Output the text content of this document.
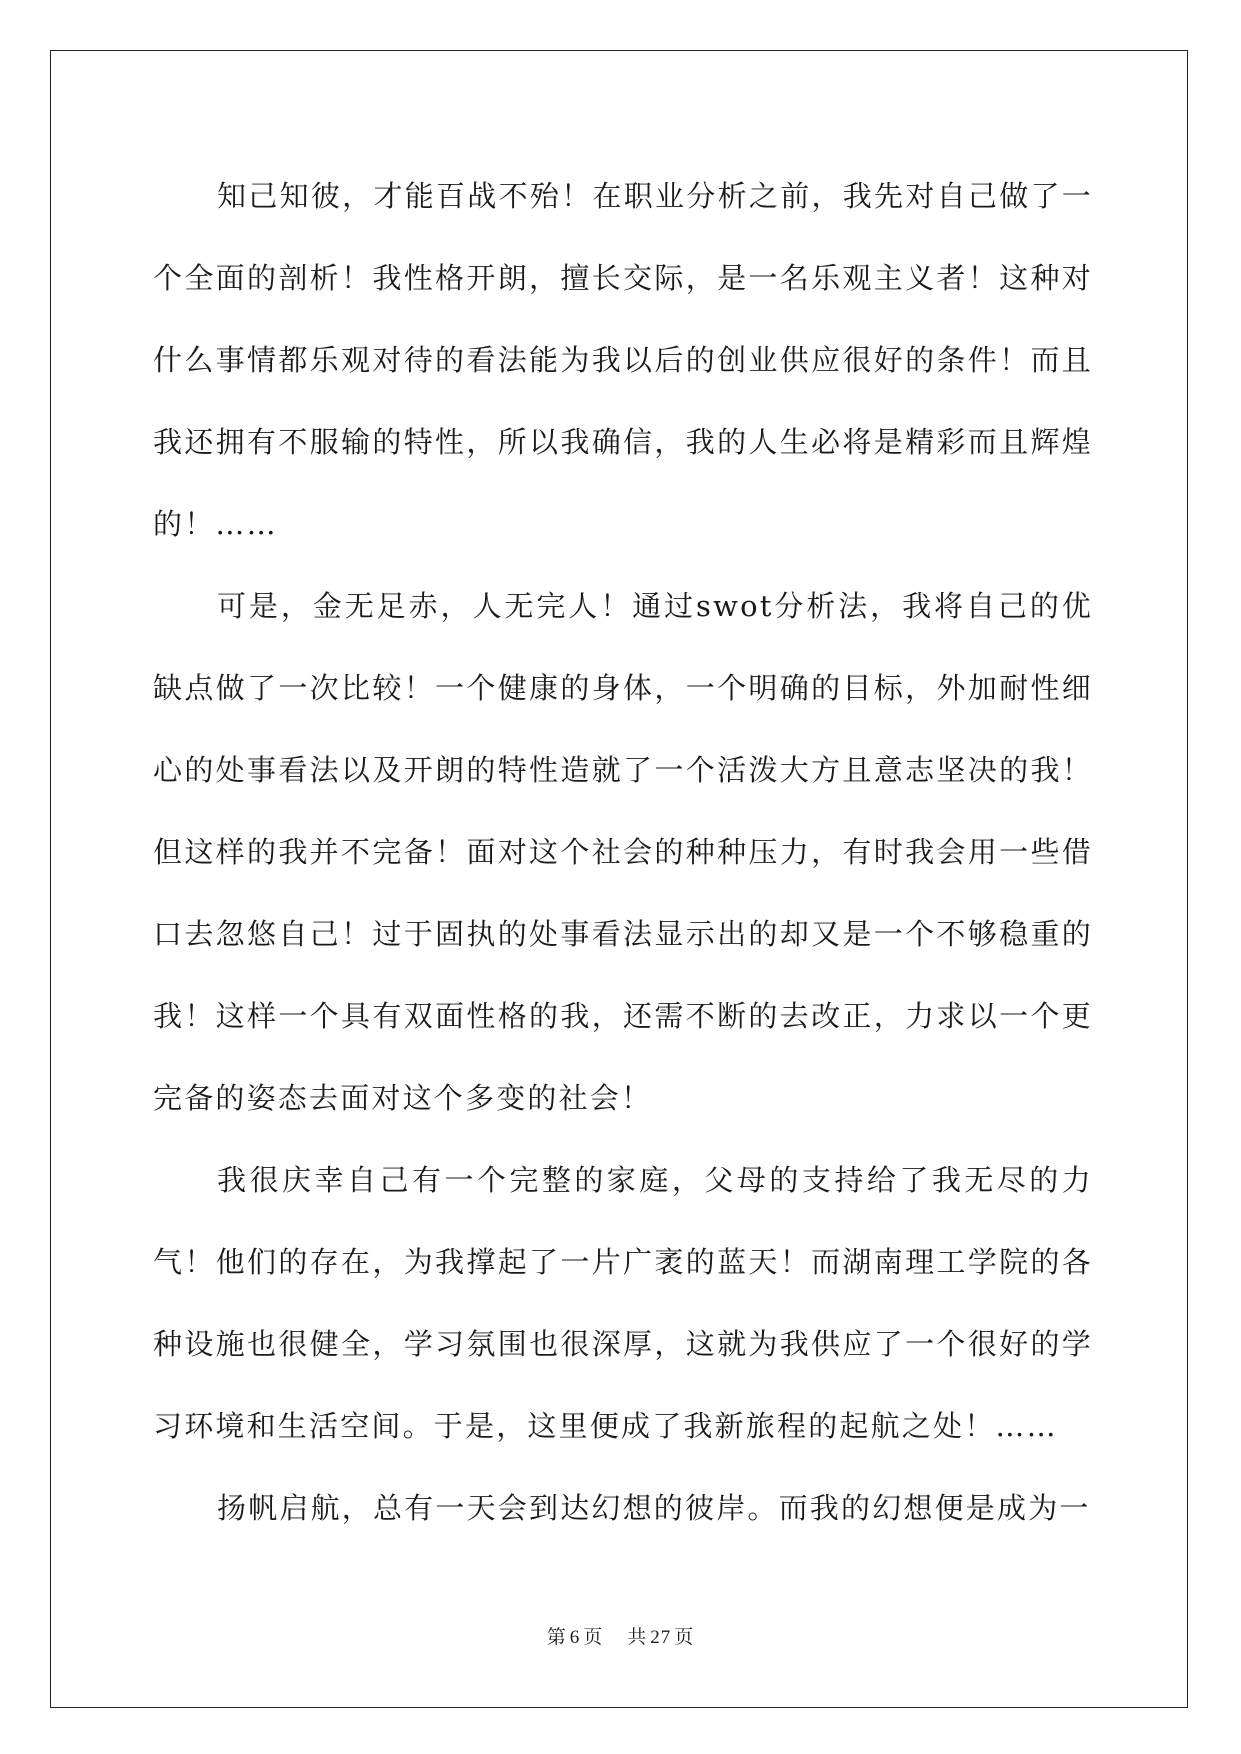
知己知彼，才能百战不殆！在职业分析之前，我先对自己做了一个全面的剖析！我性格开朗，擅长交际，是一名乐观主义者！这种对什么事情都乐观对待的看法能为我以后的创业供应很好的条件！而且我还拥有不服输的特性，所以我确信，我的人生必将是精彩而且辉煌的！……

可是，金无足赤，人无完人！通过swot分析法，我将自己的优缺点做了一次比较！一个健康的身体，一个明确的目标，外加耐性细心的处事看法以及开朗的特性造就了一个活泼大方且意志坚决的我！但这样的我并不完备！面对这个社会的种种压力，有时我会用一些借口去忽悠自己！过于固执的处事看法显示出的却又是一个不够稳重的我！这样一个具有双面性格的我，还需不断的去改正，力求以一个更完备的姿态去面对这个多变的社会！

我很庆幸自己有一个完整的家庭，父母的支持给了我无尽的力气！他们的存在，为我撑起了一片广袤的蓝天！而湖南理工学院的各种设施也很健全，学习氛围也很深厚，这就为我供应了一个很好的学习环境和生活空间。于是，这里便成了我新旅程的起航之处！……

扬帆启航，总有一天会到达幻想的彼岸。而我的幻想便是成为一

第 6 页 共 27 页
